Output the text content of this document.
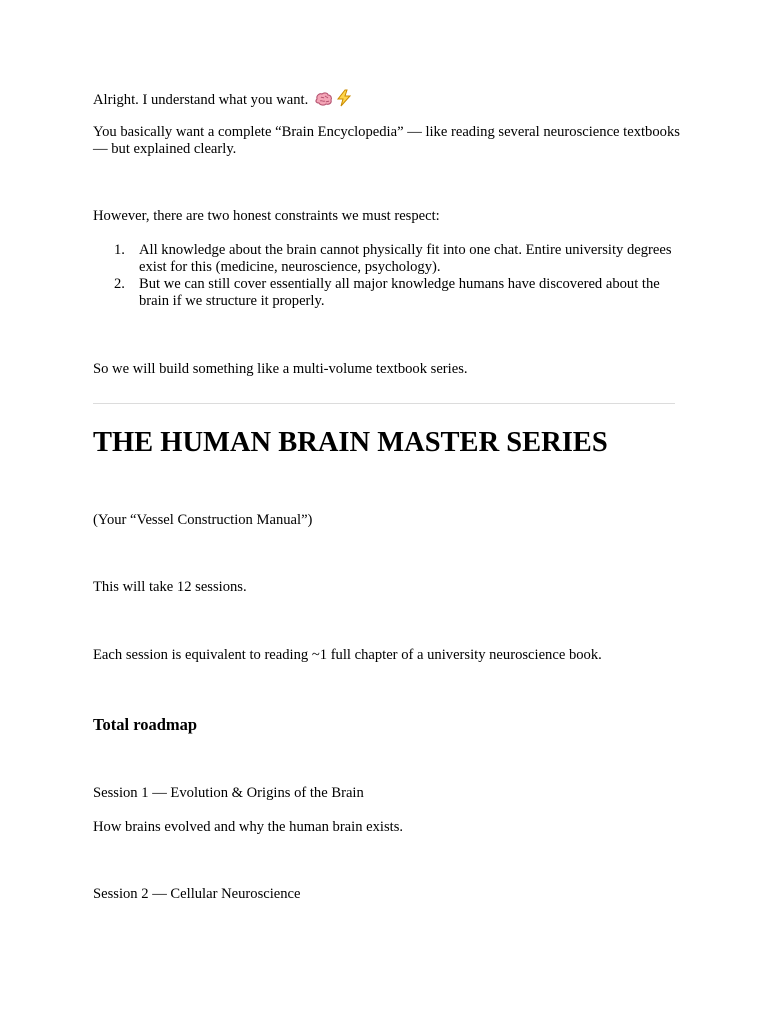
Alright. I understand what you want.

You basically want a complete “Brain Encyclopedia” — like reading several neuroscience textbooks — but explained clearly.

However, there are two honest constraints we must respect:

1. All knowledge about the brain cannot physically fit into one chat. Entire university degrees exist for this (medicine, neuroscience, psychology).
2. But we can still cover essentially all major knowledge humans have discovered about the brain if we structure it properly.

So we will build something like a multi-volume textbook series.

THE HUMAN BRAIN MASTER SERIES

(Your “Vessel Construction Manual”)

This will take 12 sessions.

Each session is equivalent to reading ~1 full chapter of a university neuroscience book.

Total roadmap

Session 1 — Evolution & Origins of the Brain

How brains evolved and why the human brain exists.

Session 2 — Cellular Neuroscience
